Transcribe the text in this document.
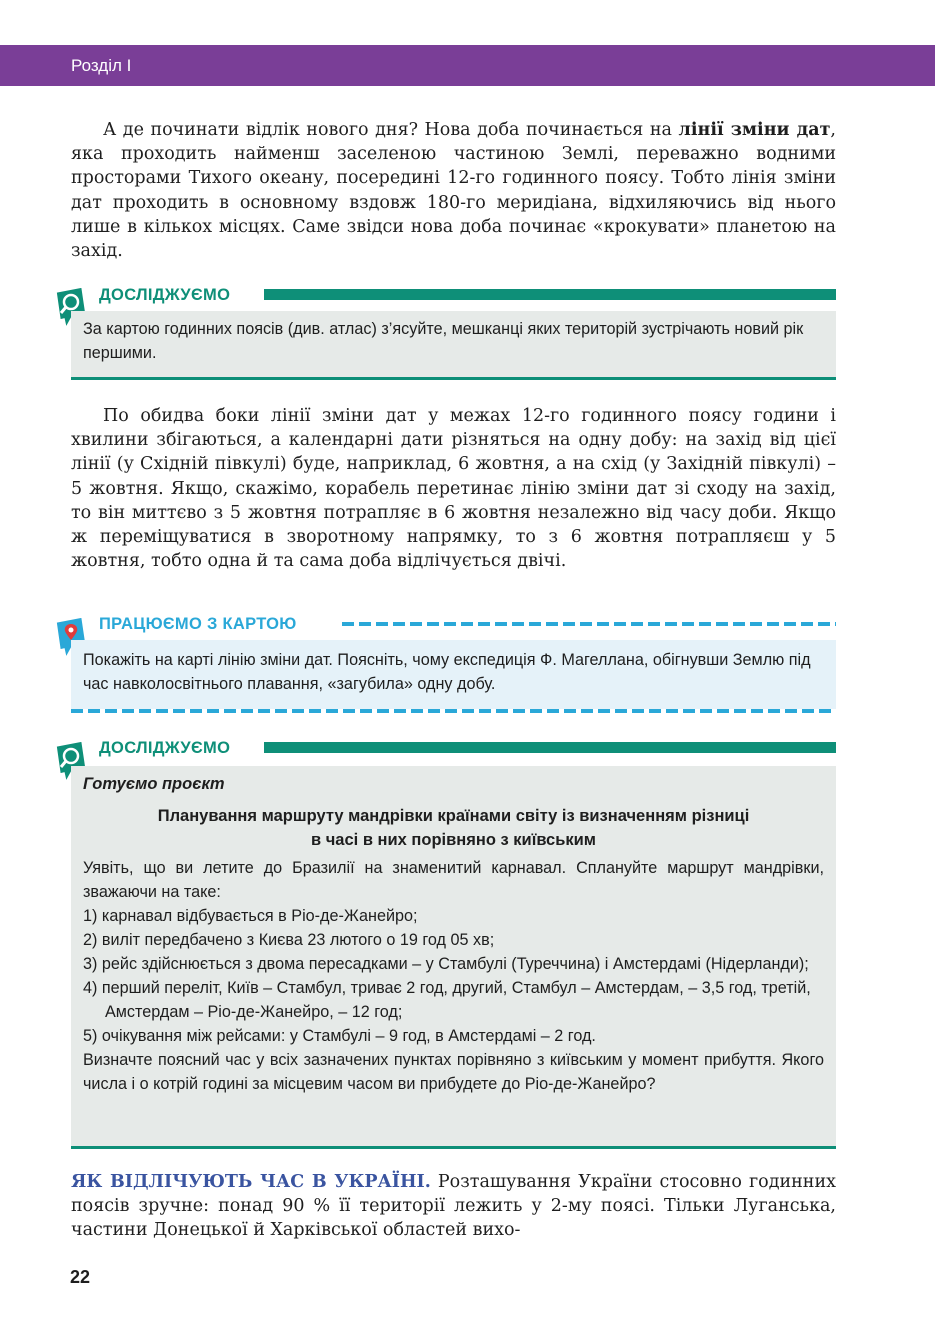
Розділ І
А де починати відлік нового дня? Нова доба починається на лінії зміни дат, яка проходить найменш заселеною частиною Землі, переважно водними просторами Тихого океану, посередині 12-го годинного поясу. Тобто лінія зміни дат проходить в основному вздовж 180-го меридіана, відхиляючись від нього лише в кількох місцях. Саме звідси нова доба починає «крокувати» планетою на захід.
ДОСЛІДЖУЄМО
За картою годинних поясів (див. атлас) з’ясуйте, мешканці яких територій зустрічають новий рік першими.
По обидва боки лінії зміни дат у межах 12-го годинного поясу години і хвилини збігаються, а календарні дати різняться на одну добу: на захід від цієї лінії (у Східній півкулі) буде, наприклад, 6 жовтня, а на схід (у Західній півкулі) – 5 жовтня. Якщо, скажімо, корабель перетинає лінію зміни дат зі сходу на захід, то він миттєво з 5 жовтня потрапляє в 6 жовтня незалежно від часу доби. Якщо ж переміщуватися в зворотному напрямку, то з 6 жовтня потрапляєш у 5 жовтня, тобто одна й та сама доба відлічується двічі.
ПРАЦЮЄМО З КАРТОЮ
Покажіть на карті лінію зміни дат. Поясніть, чому експедиція Ф. Магеллана, обігнувши Землю під час навколосвітнього плавання, «загубила» одну добу.
ДОСЛІДЖУЄМО
Готуємо проєкт
Планування маршруту мандрівки країнами світу із визначенням різниці
в часі в них порівняно з київським
Уявіть, що ви летите до Бразилії на знаменитий карнавал. Сплануйте маршрут мандрівки, зважаючи на таке:
1) карнавал відбувається в Ріо-де-Жанейро;
2) виліт передбачено з Києва 23 лютого о 19 год 05 хв;
3) рейс здійснюється з двома пересадками – у Стамбулі (Туреччина) і Амстердамі (Нідерланди);
4) перший переліт, Київ – Стамбул, триває 2 год, другий, Стамбул – Амстердам, – 3,5 год, третій, Амстердам – Ріо-де-Жанейро, – 12 год;
5) очікування між рейсами: у Стамбулі – 9 год, в Амстердамі – 2 год.
Визначте поясний час у всіх зазначених пунктах порівняно з київським у момент прибуття. Якого числа і о котрій годині за місцевим часом ви прибудете до Ріо-де-Жанейро?
ЯК ВІДЛІЧУЮТЬ ЧАС В УКРАЇНІ. Розташування України стосовно годинних поясів зручне: понад 90 % її території лежить у 2-му поясі. Тільки Луганська, частини Донецької й Харківської областей вихо-
22
